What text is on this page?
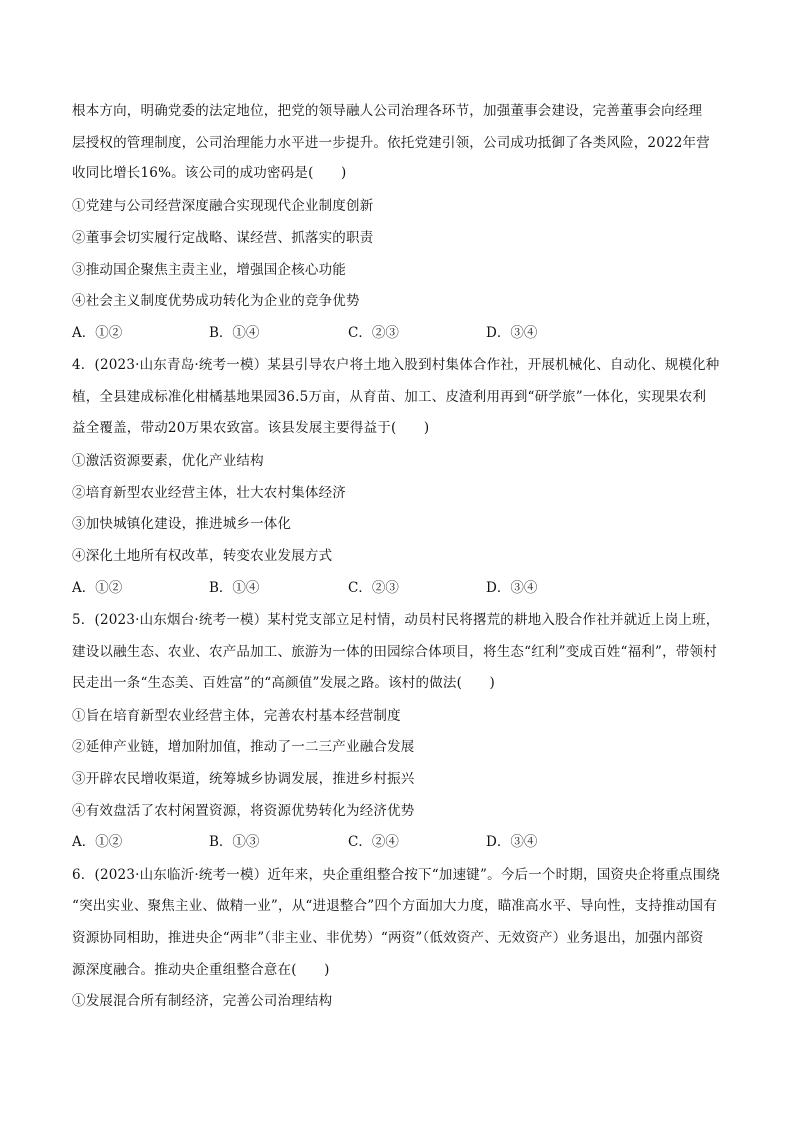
根本方向，明确党委的法定地位，把党的领导融人公司治理各环节，加强董事会建设，完善董事会向经理
层授权的管理制度，公司治理能力水平进一步提升。依托党建引领，公司成功抵御了各类风险，2022年营
收同比增长16%。该公司的成功密码是(　　)
①党建与公司经营深度融合实现现代企业制度创新
②董事会切实履行定战略、谋经营、抓落实的职责
③推动国企聚焦主责主业，增强国企核心功能
④社会主义制度优势成功转化为企业的竞争优势
A．①②	B．①④	C．②③	D．③④
4．(2023·山东青岛·统考一模）某县引导农户将土地入股到村集体合作社，开展机械化、自动化、规模化种
植，全县建成标准化柑橘基地果园36.5万亩，从育苗、加工、皮渣利用再到“研学旅”一体化，实现果农利
益全覆盖，带动20万果农致富。该县发展主要得益于(　　)
①激活资源要素，优化产业结构
②培育新型农业经营主体，壮大农村集体经济
③加快城镇化建设，推进城乡一体化
④深化土地所有权改革，转变农业发展方式
A．①②	B．①④	C．②③	D．③④
5．(2023·山东烟台·统考一模）某村党支部立足村情，动员村民将撂荒的耕地入股合作社并就近上岗上班，
建设以融生态、农业、农产品加工、旅游为一体的田园综合体项目，将生态“红利”变成百姓“福利”，带领村
民走出一条“生态美、百姓富”的“高颜值”发展之路。该村的做法(　　)
①旨在培育新型农业经营主体，完善农村基本经营制度
②延伸产业链，增加附加值，推动了一二三产业融合发展
③开辟农民增收渠道，统筹城乡协调发展，推进乡村振兴
④有效盘活了农村闲置资源，将资源优势转化为经济优势
A．①②	B．①③	C．②④	D．③④
6．(2023·山东临沂·统考一模）近年来，央企重组整合按下“加速键”。今后一个时期，国资央企将重点围绕
“突出实业、聚焦主业、做精一业”，从“进退整合”四个方面加大力度，瞄准高水平、导向性，支持推动国有
资源协同相助，推进央企“两非”（非主业、非优势）“两资”（低效资产、无效资产）业务退出，加强内部资
源深度融合。推动央企重组整合意在(　　)
①发展混合所有制经济，完善公司治理结构
